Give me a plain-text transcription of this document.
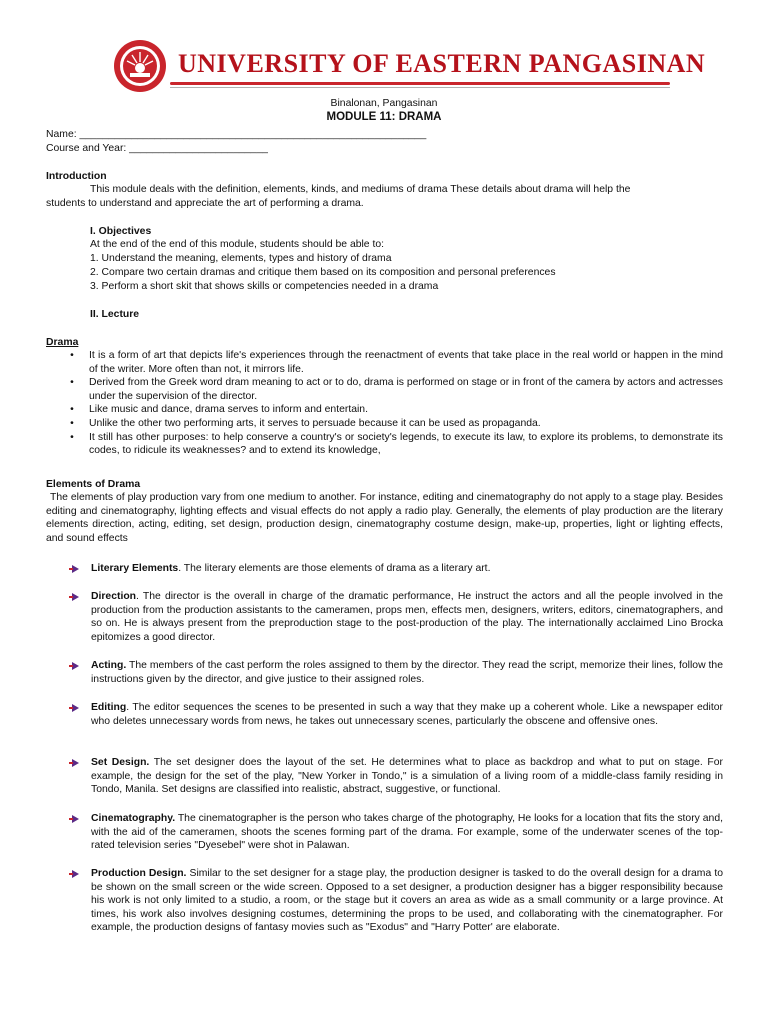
UNIVERSITY OF EASTERN PANGASINAN
Binalonan, Pangasinan
MODULE 11: DRAMA
Name: ____________________________________________________________
Course and Year: ________________________
Introduction
This module deals with the definition, elements, kinds, and mediums of drama These details about drama will help the
students to understand and appreciate the art of performing a drama.
I. Objectives
At the end of the end of this module, students should be able to:
1. Understand the meaning, elements, types and history of drama
2. Compare two certain dramas and critique them based on its composition and personal preferences
3. Perform a short skit that shows skills or competencies needed in a drama
II. Lecture
Drama
•	It is a form of art that depicts life's experiences through the reenactment of events that take place in the real world or happen in the mind of the writer. More often than not, it mirrors life.
•	Derived from the Greek word dram meaning to act or to do, drama is performed on stage or in front of the camera by actors and actresses under the supervision of the director.
•	Like music and dance, drama serves to inform and entertain.
•	Unlike the other two performing arts, it serves to persuade because it can be used as propaganda.
•	It still has other purposes: to help conserve a country's or society's legends, to execute its law, to explore its problems, to demonstrate its codes, to ridicule its weaknesses? and to extend its knowledge,
Elements of Drama
The elements of play production vary from one medium to another. For instance, editing and cinematography do not apply to a stage play. Besides editing and cinematography, lighting effects and visual effects do not apply a radio play. Generally, the elements of play production are the literary elements direction, acting, editing, set design, production design, cinematography costume design, make-up, properties, light or lighting effects, and sound effects
Literary Elements. The literary elements are those elements of drama as a literary art.
Direction. The director is the overall in charge of the dramatic performance, He instruct the actors and all the people involved in the production from the production assistants to the cameramen, props men, effects men, designers, writers, editors, cinematographers, and so on. He is always present from the preproduction stage to the post-production of the play. The internationally acclaimed Lino Brocka epitomizes a good director.
Acting. The members of the cast perform the roles assigned to them by the director. They read the script, memorize their lines, follow the instructions given by the director, and give justice to their assigned roles.
Editing. The editor sequences the scenes to be presented in such a way that they make up a coherent whole. Like a newspaper editor who deletes unnecessary words from news, he takes out unnecessary scenes, particularly the obscene and offensive ones.
Set Design. The set designer does the layout of the set. He determines what to place as backdrop and what to put on stage. For example, the design for the set of the play, "New Yorker in Tondo," is a simulation of a living room of a middle-class family residing in Tondo, Manila. Set designs are classified into realistic, abstract, suggestive, or functional.
Cinematography. The cinematographer is the person who takes charge of the photography, He looks for a location that fits the story and, with the aid of the cameramen, shoots the scenes forming part of the drama. For example, some of the underwater scenes of the top-rated television series "Dyesebel" were shot in Palawan.
Production Design. Similar to the set designer for a stage play, the production designer is tasked to do the overall design for a drama to be shown on the small screen or the wide screen. Opposed to a set designer, a production designer has a bigger responsibility because his work is not only limited to a studio, a room, or the stage but it covers an area as wide as a small community or a large province. At times, his work also involves designing costumes, determining the props to be used, and collaborating with the cinematographer. For example, the production designs of fantasy movies such as "Exodus" and "Harry Potter' are elaborate.
